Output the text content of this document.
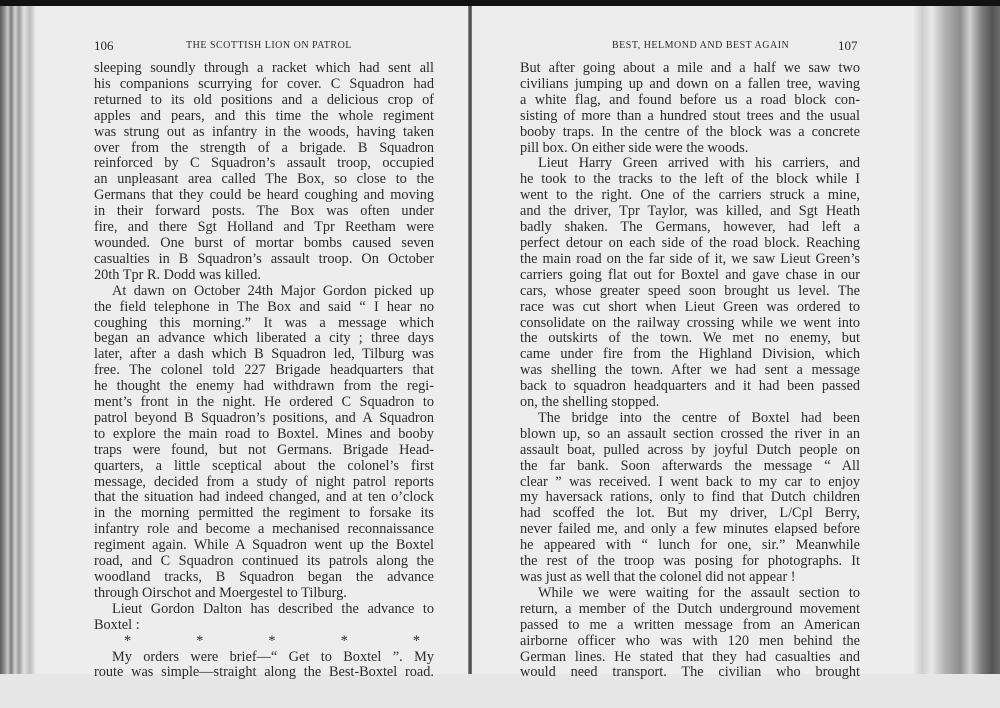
106	THE SCOTTISH LION ON PATROL
sleeping soundly through a racket which had sent all
his companions scurrying for cover. C Squadron had
returned to its old positions and a delicious crop of
apples and pears, and this time the whole regiment
was strung out as infantry in the woods, having taken
over from the strength of a brigade. B Squadron
reinforced by C Squadron’s assault troop, occupied
an unpleasant area called The Box, so close to the
Germans that they could be heard coughing and moving
in their forward posts. The Box was often under
fire, and there Sgt Holland and Tpr Reetham were
wounded. One burst of mortar bombs caused seven
casualties in B Squadron’s assault troop. On October
20th Tpr R. Dodd was killed.
At dawn on October 24th Major Gordon picked up
the field telephone in The Box and said “ I hear no
coughing this morning.” It was a message which
began an advance which liberated a city ; three days
later, after a dash which B Squadron led, Tilburg was
free. The colonel told 227 Brigade headquarters that
he thought the enemy had withdrawn from the regi-
ment’s front in the night. He ordered C Squadron to
patrol beyond B Squadron’s positions, and A Squadron
to explore the main road to Boxtel. Mines and booby
traps were found, but not Germans. Brigade Head-
quarters, a little sceptical about the colonel’s first
message, decided from a study of night patrol reports
that the situation had indeed changed, and at ten o’clock
in the morning permitted the regiment to forsake its
infantry role and become a mechanised reconnaissance
regiment again. While A Squadron went up the Boxtel
road, and C Squadron continued its patrols along the
woodland tracks, B Squadron began the advance
through Oirschot and Moergestel to Tilburg.
Lieut Gordon Dalton has described the advance to
Boxtel :
* * * * *
My orders were brief—“ Get to Boxtel ”. My
route was simple—straight along the Best-Boxtel road.
BEST, HELMOND AND BEST AGAIN	107
But after going about a mile and a half we saw two
civilians jumping up and down on a fallen tree, waving
a white flag, and found before us a road block con-
sisting of more than a hundred stout trees and the usual
booby traps. In the centre of the block was a concrete
pill box. On either side were the woods.
Lieut Harry Green arrived with his carriers, and
he took to the tracks to the left of the block while I
went to the right. One of the carriers struck a mine,
and the driver, Tpr Taylor, was killed, and Sgt Heath
badly shaken. The Germans, however, had left a
perfect detour on each side of the road block. Reaching
the main road on the far side of it, we saw Lieut Green’s
carriers going flat out for Boxtel and gave chase in our
cars, whose greater speed soon brought us level. The
race was cut short when Lieut Green was ordered to
consolidate on the railway crossing while we went into
the outskirts of the town. We met no enemy, but
came under fire from the Highland Division, which
was shelling the town. After we had sent a message
back to squadron headquarters and it had been passed
on, the shelling stopped.
The bridge into the centre of Boxtel had been
blown up, so an assault section crossed the river in an
assault boat, pulled across by joyful Dutch people on
the far bank. Soon afterwards the message “ All
clear ” was received. I went back to my car to enjoy
my haversack rations, only to find that Dutch children
had scoffed the lot. But my driver, L/Cpl Berry,
never failed me, and only a few minutes elapsed before
he appeared with “ lunch for one, sir.” Meanwhile
the rest of the troop was posing for photographs. It
was just as well that the colonel did not appear !
While we were waiting for the assault section to
return, a member of the Dutch underground movement
passed to me a written message from an American
airborne officer who was with 120 men behind the
German lines. He stated that they had casualties and
would need transport. The civilian who brought
